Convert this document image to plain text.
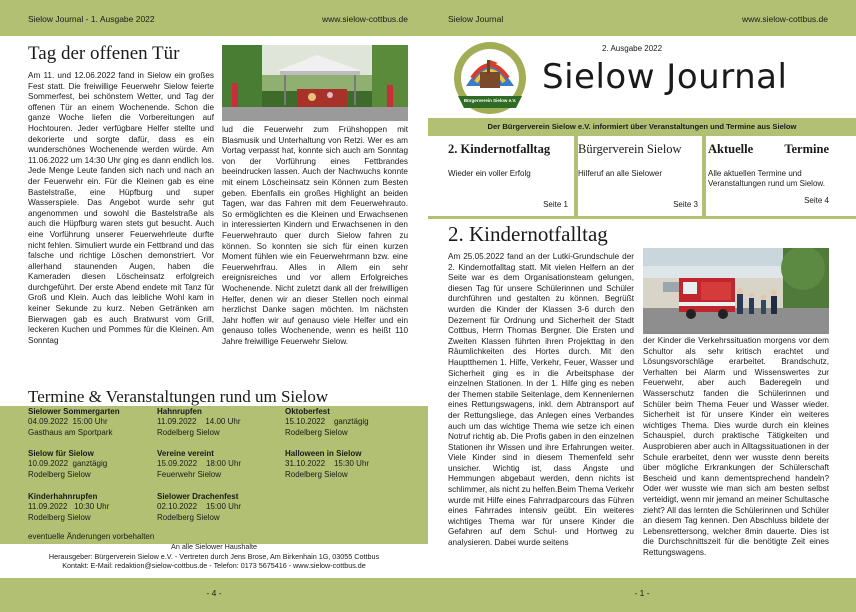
Sielow Journal - 1. Ausgabe 2022	www.sielow-cottbus.de
Tag der offenen Tür

Am 11. und 12.06.2022 fand in Sielow ein großes Fest statt. Die freiwillige Feuerwehr Sielow feierte Sommerfest, bei schönstem Wetter, und Tag der offenen Tür an einem Wochenende. Schon die ganze Woche liefen die Vorbereitungen auf Hochtouren. Jeder verfügbare Helfer stellte und dekorierte und sorgte dafür, dass es ein wunderschönes Wochenende werden würde. Am 11.06.2022 um 14:30 Uhr ging es dann endlich los. Jede Menge Leute fanden sich nach und nach an der Feuerwehr ein. Für die Kleinen gab es eine Bastelstraße, eine Hüpfburg und super Wasserspiele. Das Angebot wurde sehr gut angenommen und sowohl die Bastelstraße als auch die Hüpfburg waren stets gut besucht. Auch eine Vorführung unserer Feuerwehrleute durfte nicht fehlen. Simuliert wurde ein Fettbrand und das falsche und richtige Löschen demonstriert. Vor allerhand staunenden Augen, haben die Kameraden diesen Löscheinsatz erfolgreich durchgeführt. Der erste Abend endete mit Tanz für Groß und Klein. Auch das leibliche Wohl kam in keiner Sekunde zu kurz. Neben Getränken am Bierwagen gab es auch Bratwurst vom Grill, leckeren Kuchen und Pommes für die Kleinen. Am Sonntag

lud die Feuerwehr zum Frühshoppen mit Blasmusik und Unterhaltung von Retzi. Wer es am Vortag verpasst hat, konnte sich auch am Sonntag von der Vorführung eines Fettbrandes beeindrucken lassen. Auch der Nachwuchs konnte mit einem Löscheinsatz sein Können zum Besten geben. Ebenfalls ein großes Highlight an beiden Tagen, war das Fahren mit dem Feuerwehrauto. So ermöglichten es die Kleinen und Erwachsenen in interessierten Kindern und Erwachsenen in den Feuerwehrauto quer durch Sielow fahren zu können. So konnten sie sich für einen kurzen Moment fühlen wie ein Feuerwehrmann bzw. eine Feuerwehrfrau. Alles in Allem ein sehr ereignisreiches und vor allem Erfolgreiches Wochenende. Nicht zuletzt dank all der freiwilligen Helfer, denen wir an dieser Stellen noch einmal herzlichst Danke sagen möchten. Im nächsten Jahr hoffen wir auf genauso viele Helfer und ein genauso tolles Wochenende, wenn es heißt 110 Jahre freiwillige Feuerwehr Sielow.

Termine & Veranstaltungen rund um Sielow
Sielower Sommergarten
04.09.2022 15:00 Uhr
Gasthaus am Sportpark
Sielow für Sielow
10.09.2022 ganztägig
Rodelberg Sielow
Kinderhahnrupfen
11.09.2022 10:30 Uhr
Rodelberg Sielow
Hahnrupfen
11.09.2022 14.00 Uhr
Rodelberg Sielow
Vereine vereint
15.09.2022 18:00 Uhr
Feuerwehr Sielow
Sielower Drachenfest
02.10.2022 15:00 Uhr
Rodelberg Sielow
Oktoberfest
15.10.2022 ganztägig
Rodelberg Sielow
Halloween in Sielow
31.10.2022 15:30 Uhr
Rodelberg Sielow
eventuelle Änderungen vorbehalten
An alle Sielower Haushalte
Herausgeber: Bürgerverein Sielow e.V. - Vertreten durch Jens Brose, Am Birkenhain 1G, 03055 Cottbus
Kontakt: E-Mail: redaktion@sielow-cottbus.de - Telefon: 0173 5675416 - www.sielow-cottbus.de
- 4 -
Sielow Journal	www.sielow-cottbus.de
Bürgerverein Sielow e.V.
2. Ausgabe 2022
Sielow Journal
Der Bürgerverein Sielow e.V. informiert über Veranstaltungen und Termine aus Sielow
2. Kindernotfalltag
Wieder ein voller Erfolg
Seite 1
Bürgerverein Sielow
Hilferuf an alle Sielower
Seite 3
Aktuelle Termine
Alle aktuellen Termine und Veranstaltungen rund um Sielow.
Seite 4
2. Kindernotfalltag

Am 25.05.2022 fand an der Lutki-Grundschule der 2. Kindernotfalltag statt. Mit vielen Helfern an der Seite war es dem Organisationsteam gelungen, diesen Tag für unsere Schülerinnen und Schüler durchführen und gestalten zu können. Begrüßt wurden die Kinder der Klassen 3-6 durch den Dezernent für Ordnung und Sicherheit der Stadt Cottbus, Herrn Thomas Bergner. Die Ersten und Zweiten Klassen führten ihren Projekttag in den Räumlichkeiten des Hortes durch. Mit den Hauptthemen 1. Hilfe, Verkehr, Feuer, Wasser und Sicherheit ging es in die Arbeitsphase der einzelnen Stationen. In der 1. Hilfe ging es neben der Themen stabile Seitenlage, dem Kennenlernen eines Rettungswagens, inkl. dem Abtransport auf der Rettungsliege, das Anlegen eines Verbandes auch um das wichtige Thema wie setze ich einen Notruf richtig ab. Die Profis gaben in den einzelnen Stationen ihr Wissen und ihre Erfahrungen weiter. Viele Kinder sind in diesem Themenfeld sehr unsicher. Wichtig ist, dass Ängste und Hemmungen abgebaut werden, denn nichts ist schlimmer, als nicht zu helfen.Beim Thema Verkehr wurde mit Hilfe eines Fahrradparcours das Führen eines Fahrrades intensiv geübt. Ein weiteres wichtiges Thema war für unsere Kinder die Gefahren auf dem Schul- und Hortweg zu analysieren. Dabei wurde seitens

der Kinder die Verkehrssituation morgens vor dem Schultor als sehr kritisch erachtet und Lösungsvorschläge erarbeitet. Brandschutz, Verhalten bei Alarm und Wissenswertes zur Feuerwehr, aber auch Baderegeln und Wasserschutz fanden die Schülerinnen und Schüler beim Thema Feuer und Wasser wieder. Sicherheit ist für unsere Kinder ein weiteres wichtiges Thema. Dies wurde durch ein kleines Schauspiel, durch praktische Tätigkeiten und Ausprobieren aber auch in Alltagssituationen in der Schule erarbeitet, denn wer wusste denn bereits über mögliche Erkrankungen der Schülerschaft Bescheid und kann dementsprechend handeln? Oder wer wusste wie man sich am besten selbst verteidigt, wenn mir jemand an meiner Schultasche zieht? All das lernten die Schülerinnen und Schüler an diesem Tag kennen. Den Abschluss bildete der Lebensrettersong, welcher 8min dauerte. Dies ist die Durchschnittszeit für die benötigte Zeit eines Rettungswagens.

- 1 -
